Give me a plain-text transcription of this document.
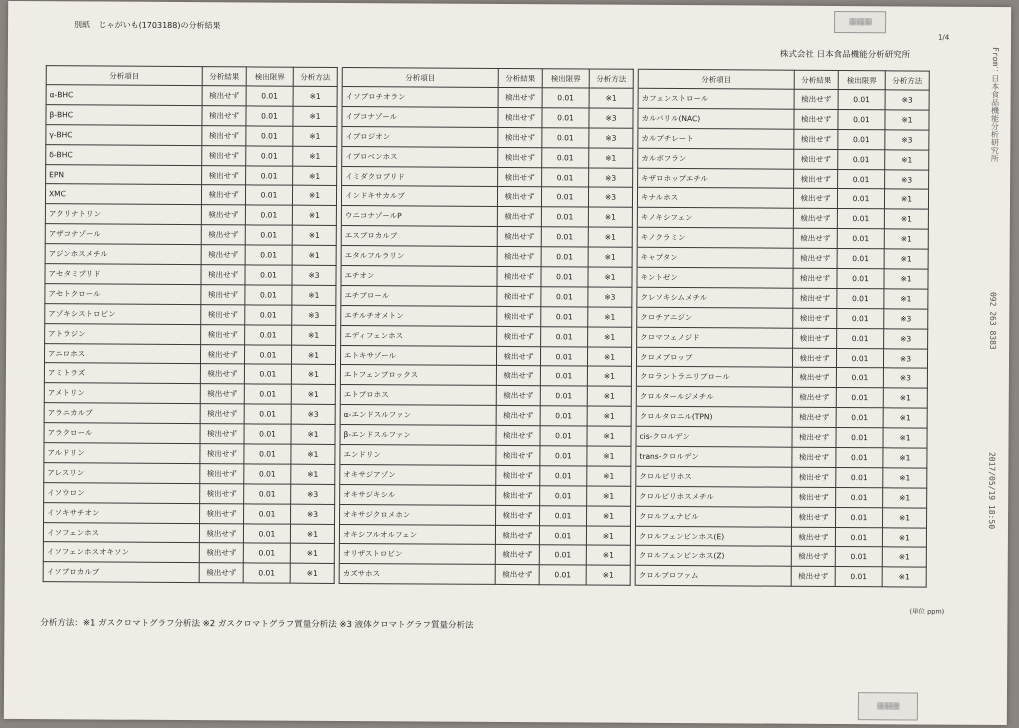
別紙 じゃがいも(1703188)の分析結果	▦▦▦
1/4
株式会社 日本食品機能分析研究所	From：日本食品機能分析研究所
092 263 8383
2017/05/19 18:50
分析項目	分析結果	検出限界	分析方法		分析項目	分析結果	検出限界	分析方法		分析項目	分析結果	検出限界	分析方法
α-BHC	検出せず	0.01	※1		イソプロチオラン	検出せず	0.01	※1		カフェンストロール	検出せず	0.01	※3
β-BHC	検出せず	0.01	※1		イプコナゾール	検出せず	0.01	※3		カルバリル(NAC)	検出せず	0.01	※1
γ-BHC	検出せず	0.01	※1		イプロジオン	検出せず	0.01	※3		カルプチレート	検出せず	0.01	※3
δ-BHC	検出せず	0.01	※1		イプロベンホス	検出せず	0.01	※1		カルボフラン	検出せず	0.01	※1
EPN	検出せず	0.01	※1		イミダクロプリド	検出せず	0.01	※3		キザロホップエチル	検出せず	0.01	※3
XMC	検出せず	0.01	※1		インドキサカルブ	検出せず	0.01	※3		キナルホス	検出せず	0.01	※1
アクリナトリン	検出せず	0.01	※1		ウニコナゾールP	検出せず	0.01	※1		キノキシフェン	検出せず	0.01	※1
アザコナゾール	検出せず	0.01	※1		エスプロカルブ	検出せず	0.01	※1		キノクラミン	検出せず	0.01	※1
アジンホスメチル	検出せず	0.01	※1		エタルフルラリン	検出せず	0.01	※1		キャプタン	検出せず	0.01	※1
アセタミプリド	検出せず	0.01	※3		エチオン	検出せず	0.01	※1		キントゼン	検出せず	0.01	※1
アセトクロール	検出せず	0.01	※1		エチプロール	検出せず	0.01	※3		クレソキシムメチル	検出せず	0.01	※1
アゾキシストロビン	検出せず	0.01	※3		エチルチオメトン	検出せず	0.01	※1		クロチアニジン	検出せず	0.01	※3
アトラジン	検出せず	0.01	※1		エディフェンホス	検出せず	0.01	※1		クロマフェノジド	検出せず	0.01	※3
アニロホス	検出せず	0.01	※1		エトキサゾール	検出せず	0.01	※1		クロメプロップ	検出せず	0.01	※3
アミトラズ	検出せず	0.01	※1		エトフェンプロックス	検出せず	0.01	※1		クロラントラニリプロール	検出せず	0.01	※3
アメトリン	検出せず	0.01	※1		エトプロホス	検出せず	0.01	※1		クロルタールジメチル	検出せず	0.01	※1
アラニカルブ	検出せず	0.01	※3		α-エンドスルファン	検出せず	0.01	※1		クロルタロニル(TPN)	検出せず	0.01	※1
アラクロール	検出せず	0.01	※1		β-エンドスルファン	検出せず	0.01	※1		cis-クロルデン	検出せず	0.01	※1
アルドリン	検出せず	0.01	※1		エンドリン	検出せず	0.01	※1		trans-クロルデン	検出せず	0.01	※1
アレスリン	検出せず	0.01	※1		オキサジアゾン	検出せず	0.01	※1		クロルピリホス	検出せず	0.01	※1
イソウロン	検出せず	0.01	※3		オキサジキシル	検出せず	0.01	※1		クロルピリホスメチル	検出せず	0.01	※1
イソキサチオン	検出せず	0.01	※3		オキサジクロメホン	検出せず	0.01	※1		クロルフェナピル	検出せず	0.01	※1
イソフェンホス	検出せず	0.01	※1		オキシフルオルフェン	検出せず	0.01	※1		クロルフェンビンホス(E)	検出せず	0.01	※1
イソフェンホスオキソン	検出せず	0.01	※1		オリザストロビン	検出せず	0.01	※1		クロルフェンビンホス(Z)	検出せず	0.01	※1
イソプロカルブ	検出せず	0.01	※1		カズサホス	検出せず	0.01	※1		クロルプロファム	検出せず	0.01	※1
(単位 ppm)
分析方法：※1 ガスクロマトグラフ分析法 ※2 ガスクロマトグラフ質量分析法 ※3 液体クロマトグラフ質量分析法
▦▦▦
